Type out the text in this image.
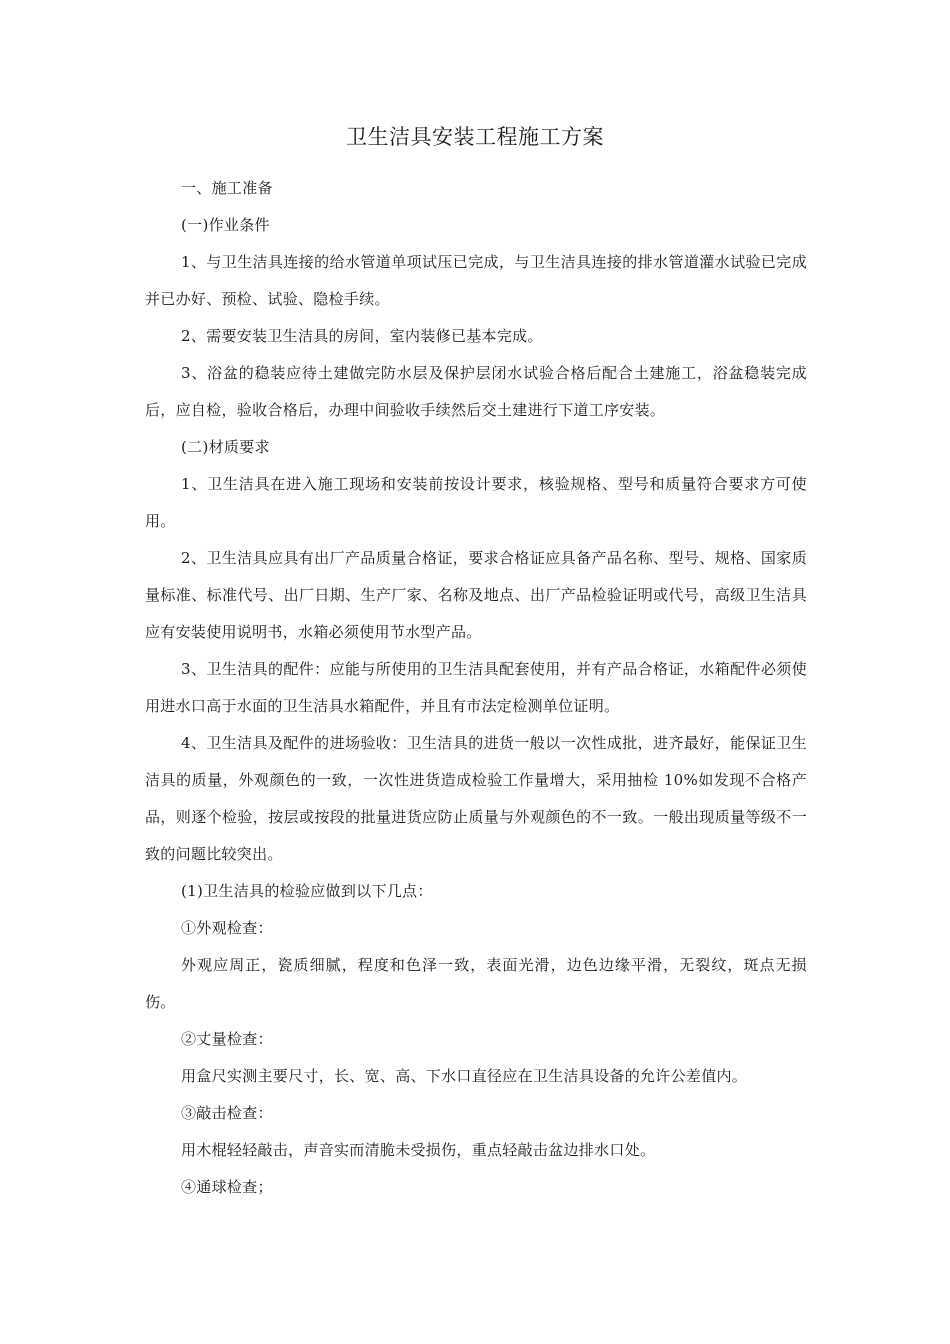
卫生洁具安装工程施工方案

一、施工准备

(一)作业条件

1、与卫生洁具连接的给水管道单项试压已完成，与卫生洁具连接的排水管道灌水试验已完成并已办好、预检、试验、隐检手续。

2、需要安装卫生洁具的房间，室内装修已基本完成。

3、浴盆的稳装应待土建做完防水层及保护层闭水试验合格后配合土建施工，浴盆稳装完成后，应自检，验收合格后，办理中间验收手续然后交土建进行下道工序安装。

(二)材质要求

1、卫生洁具在进入施工现场和安装前按设计要求，核验规格、型号和质量符合要求方可使用。

2、卫生洁具应具有出厂产品质量合格证，要求合格证应具备产品名称、型号、规格、国家质量标准、标准代号、出厂日期、生产厂家、名称及地点、出厂产品检验证明或代号，高级卫生洁具应有安装使用说明书，水箱必须使用节水型产品。

3、卫生洁具的配件：应能与所使用的卫生洁具配套使用，并有产品合格证，水箱配件必须使用进水口高于水面的卫生洁具水箱配件，并且有市法定检测单位证明。

4、卫生洁具及配件的进场验收：卫生洁具的进货一般以一次性成批，进齐最好，能保证卫生洁具的质量，外观颜色的一致，一次性进货造成检验工作量增大，采用抽检 10%如发现不合格产品，则逐个检验，按层或按段的批量进货应防止质量与外观颜色的不一致。一般出现质量等级不一致的问题比较突出。

(1)卫生洁具的检验应做到以下几点：

①外观检查：

外观应周正，瓷质细腻，程度和色泽一致，表面光滑，边色边缘平滑，无裂纹，斑点无损伤。

②丈量检查：

用盒尺实测主要尺寸，长、宽、高、下水口直径应在卫生洁具设备的允许公差值内。

③敲击检查：

用木棍轻轻敲击，声音实而清脆未受损伤，重点轻敲击盆边排水口处。

④通球检查；
